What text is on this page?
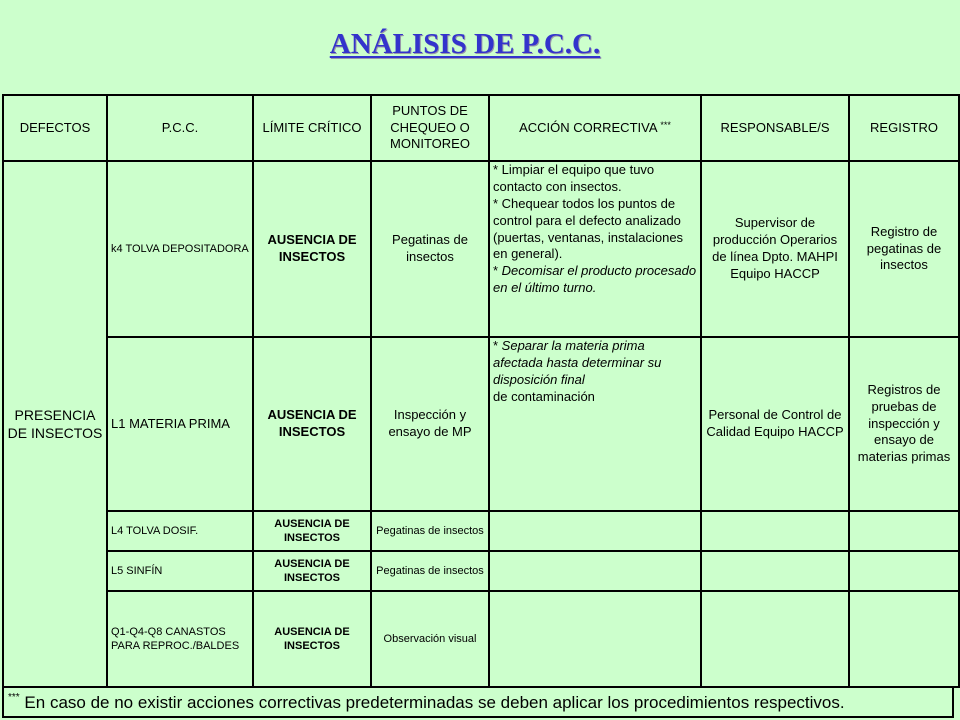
ANÁLISIS DE P.C.C.
DEFECTOS	P.C.C.	LÍMITE CRÍTICO	PUNTOS DE CHEQUEO O MONITOREO	ACCIÓN CORRECTIVA ***	RESPONSABLE/S	REGISTRO
PRESENCIA DE INSECTOS	k4 TOLVA DEPOSITADORA	AUSENCIA DE INSECTOS	Pegatinas de insectos	* Limpiar el equipo que tuvo contacto con insectos.
* Chequear todos los puntos de control para el defecto analizado (puertas, ventanas, instalaciones en general).
* Decomisar el producto procesado en el último turno.	Supervisor de producción Operarios de línea Dpto. MAHPI Equipo HACCP	Registro de pegatinas de insectos
	L1 MATERIA PRIMA	AUSENCIA DE INSECTOS	Inspección y ensayo de MP	* Separar la materia prima afectada hasta determinar su disposición final
de contaminación	Personal de Control de Calidad Equipo HACCP	Registros de pruebas de inspección y ensayo de materias primas
	L4 TOLVA DOSIF.	AUSENCIA DE INSECTOS	Pegatinas de insectos			
	L5 SINFÍN	AUSENCIA DE INSECTOS	Pegatinas de insectos			
	Q1-Q4-Q8 CANASTOS PARA REPROC./BALDES	AUSENCIA DE INSECTOS	Observación visual			
*** En caso de no existir acciones correctivas predeterminadas se deben aplicar los procedimientos respectivos.
